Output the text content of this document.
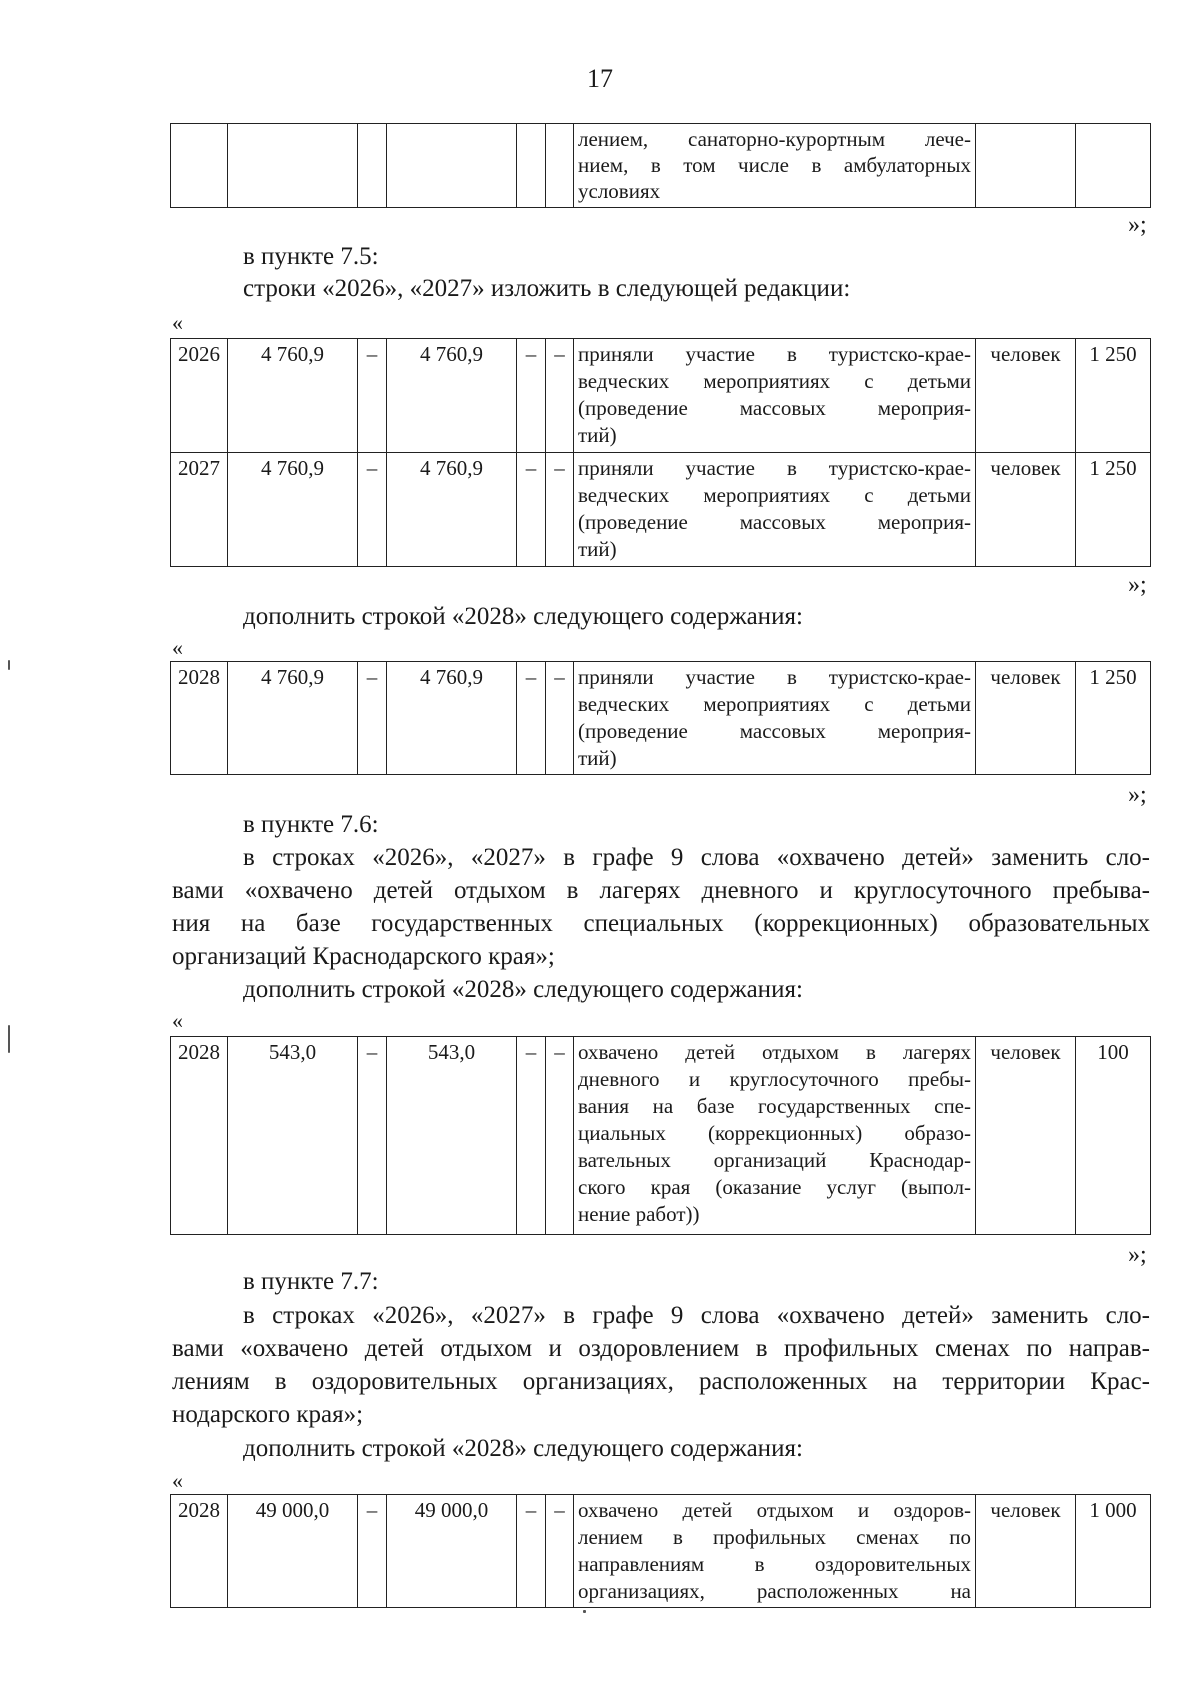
17

лением, санаторно-курортным лече-
нием, в том числе в амбулаторных
условиях

»;

в пункте 7.5:

строки «2026», «2027» изложить в следующей редакции:

«
2026	4 760,9	–	4 760,9	–	–	приняли участие в туристско-крае-
ведческих мероприятиях с детьми
(проведение массовых мероприя-
тий)	человек	1 250
2027	4 760,9	–	4 760,9	–	–	приняли участие в туристско-крае-
ведческих мероприятиях с детьми
(проведение массовых мероприя-
тий)	человек	1 250
»;

дополнить строкой «2028» следующего содержания:

«
2028	4 760,9	–	4 760,9	–	–	приняли участие в туристско-крае-
ведческих мероприятиях с детьми
(проведение массовых мероприя-
тий)
	человек	1 250
»;

в пункте 7.6:

в строках «2026», «2027» в графе 9 слова «охвачено детей» заменить сло-
вами «охвачено детей отдыхом в лагерях дневного и круглосуточного пребыва-
ния на базе государственных специальных (коррекционных) образовательных
организаций Краснодарского края»;

дополнить строкой «2028» следующего содержания:

«
2028	543,0	–	543,0	–	–	охвачено детей отдыхом в лагерях
дневного и круглосуточного пребы-
вания на базе государственных спе-
циальных (коррекционных) образо-
вательных организаций Краснодар-
ского края (оказание услуг (выпол-
нение работ))
	человек	100
»;

в пункте 7.7:

в строках «2026», «2027» в графе 9 слова «охвачено детей» заменить сло-
вами «охвачено детей отдыхом и оздоровлением в профильных сменах по направ-
лениям в оздоровительных организациях, расположенных на территории Крас-
нодарского края»;

дополнить строкой «2028» следующего содержания:

«
2028	49 000,0	–	49 000,0	–	–	охвачено детей отдыхом и оздоров-
лением в профильных сменах по
направлениям в оздоровительных
организациях, расположенных на
	человек	1 000
